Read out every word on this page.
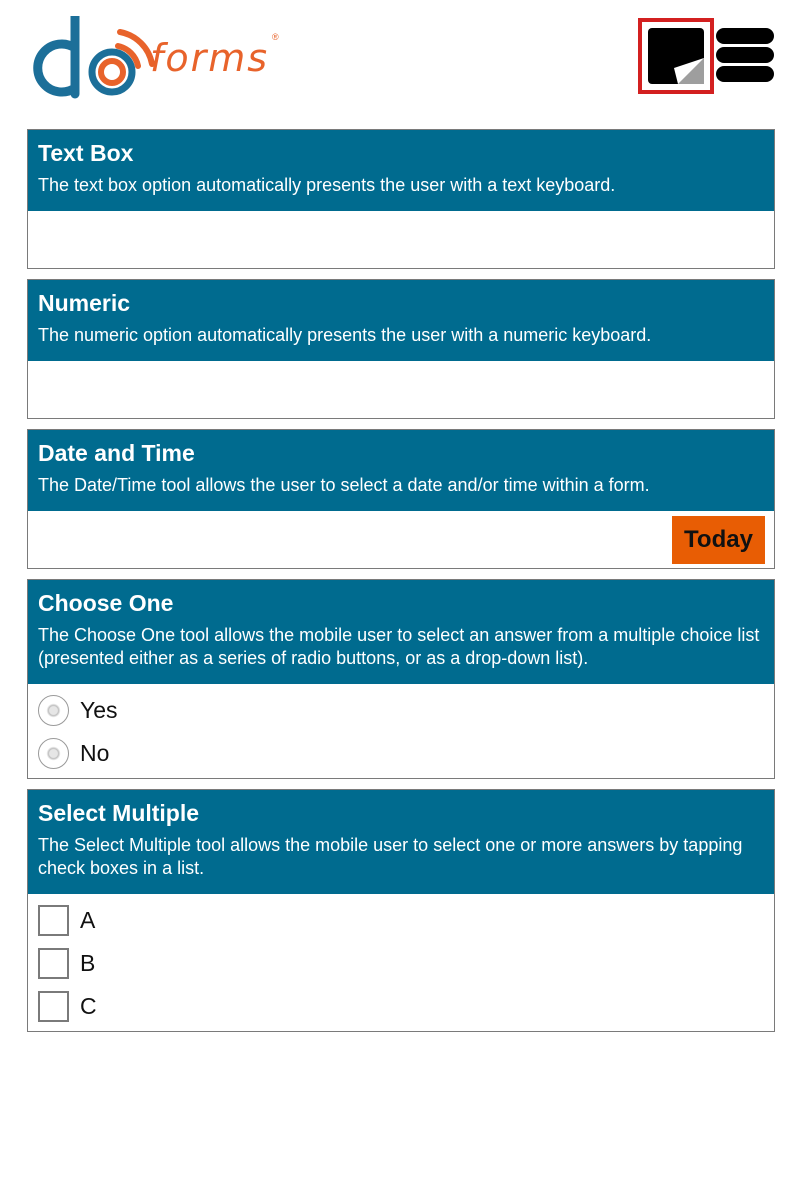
forms ®
Text Box
The text box option automatically presents the user with a text keyboard.
Numeric
The numeric option automatically presents the user with a numeric keyboard.
Date and Time
The Date/Time tool allows the user to select a date and/or time within a form.
Today
Choose One
The Choose One tool allows the mobile user to select an answer from a multiple choice list (presented either as a series of radio buttons, or as a drop-down list).
Yes
No
Select Multiple
The Select Multiple tool allows the mobile user to select one or more answers by tapping check boxes in a list.
A
B
C
